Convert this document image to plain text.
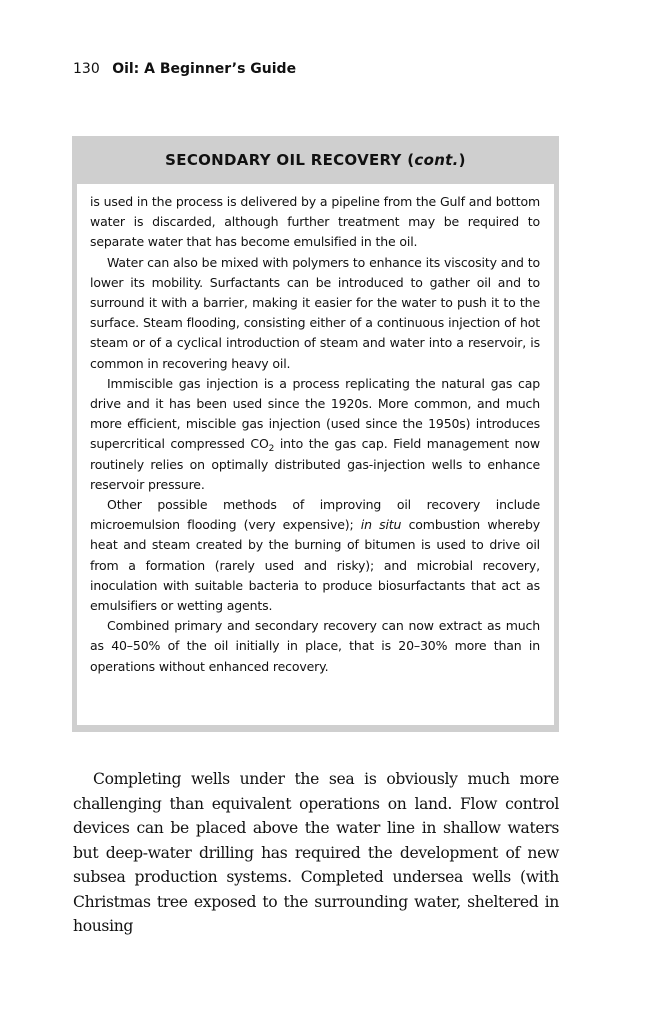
130 Oil: A Beginner’s Guide
SECONDARY OIL RECOVERY (cont.)

is used in the process is delivered by a pipeline from the Gulf and bottom water is discarded, although further treatment may be required to separate water that has become emulsified in the oil.

Water can also be mixed with polymers to enhance its viscosity and to lower its mobility. Surfactants can be introduced to gather oil and to surround it with a barrier, making it easier for the water to push it to the surface. Steam flooding, consisting either of a continuous injection of hot steam or of a cyclical introduction of steam and water into a reservoir, is common in recovering heavy oil.

Immiscible gas injection is a process replicating the natural gas cap drive and it has been used since the 1920s. More common, and much more efficient, miscible gas injection (used since the 1950s) introduces supercritical compressed $CO_2$ into the gas cap. Field management now routinely relies on optimally distributed gas-injection wells to enhance reservoir pressure.

Other possible methods of improving oil recovery include microemulsion flooding (very expensive); in situ combustion whereby heat and steam created by the burning of bitumen is used to drive oil from a formation (rarely used and risky); and microbial recovery, inoculation with suitable bacteria to produce biosurfactants that act as emulsifiers or wetting agents.

Combined primary and secondary recovery can now extract as much as 40–50% of the oil initially in place, that is 20–30% more than in operations without enhanced recovery.

Completing wells under the sea is obviously much more challenging than equivalent operations on land. Flow control devices can be placed above the water line in shallow waters but deep-water drilling has required the development of new subsea production systems. Completed undersea wells (with Christmas tree exposed to the surrounding water, sheltered in housing
